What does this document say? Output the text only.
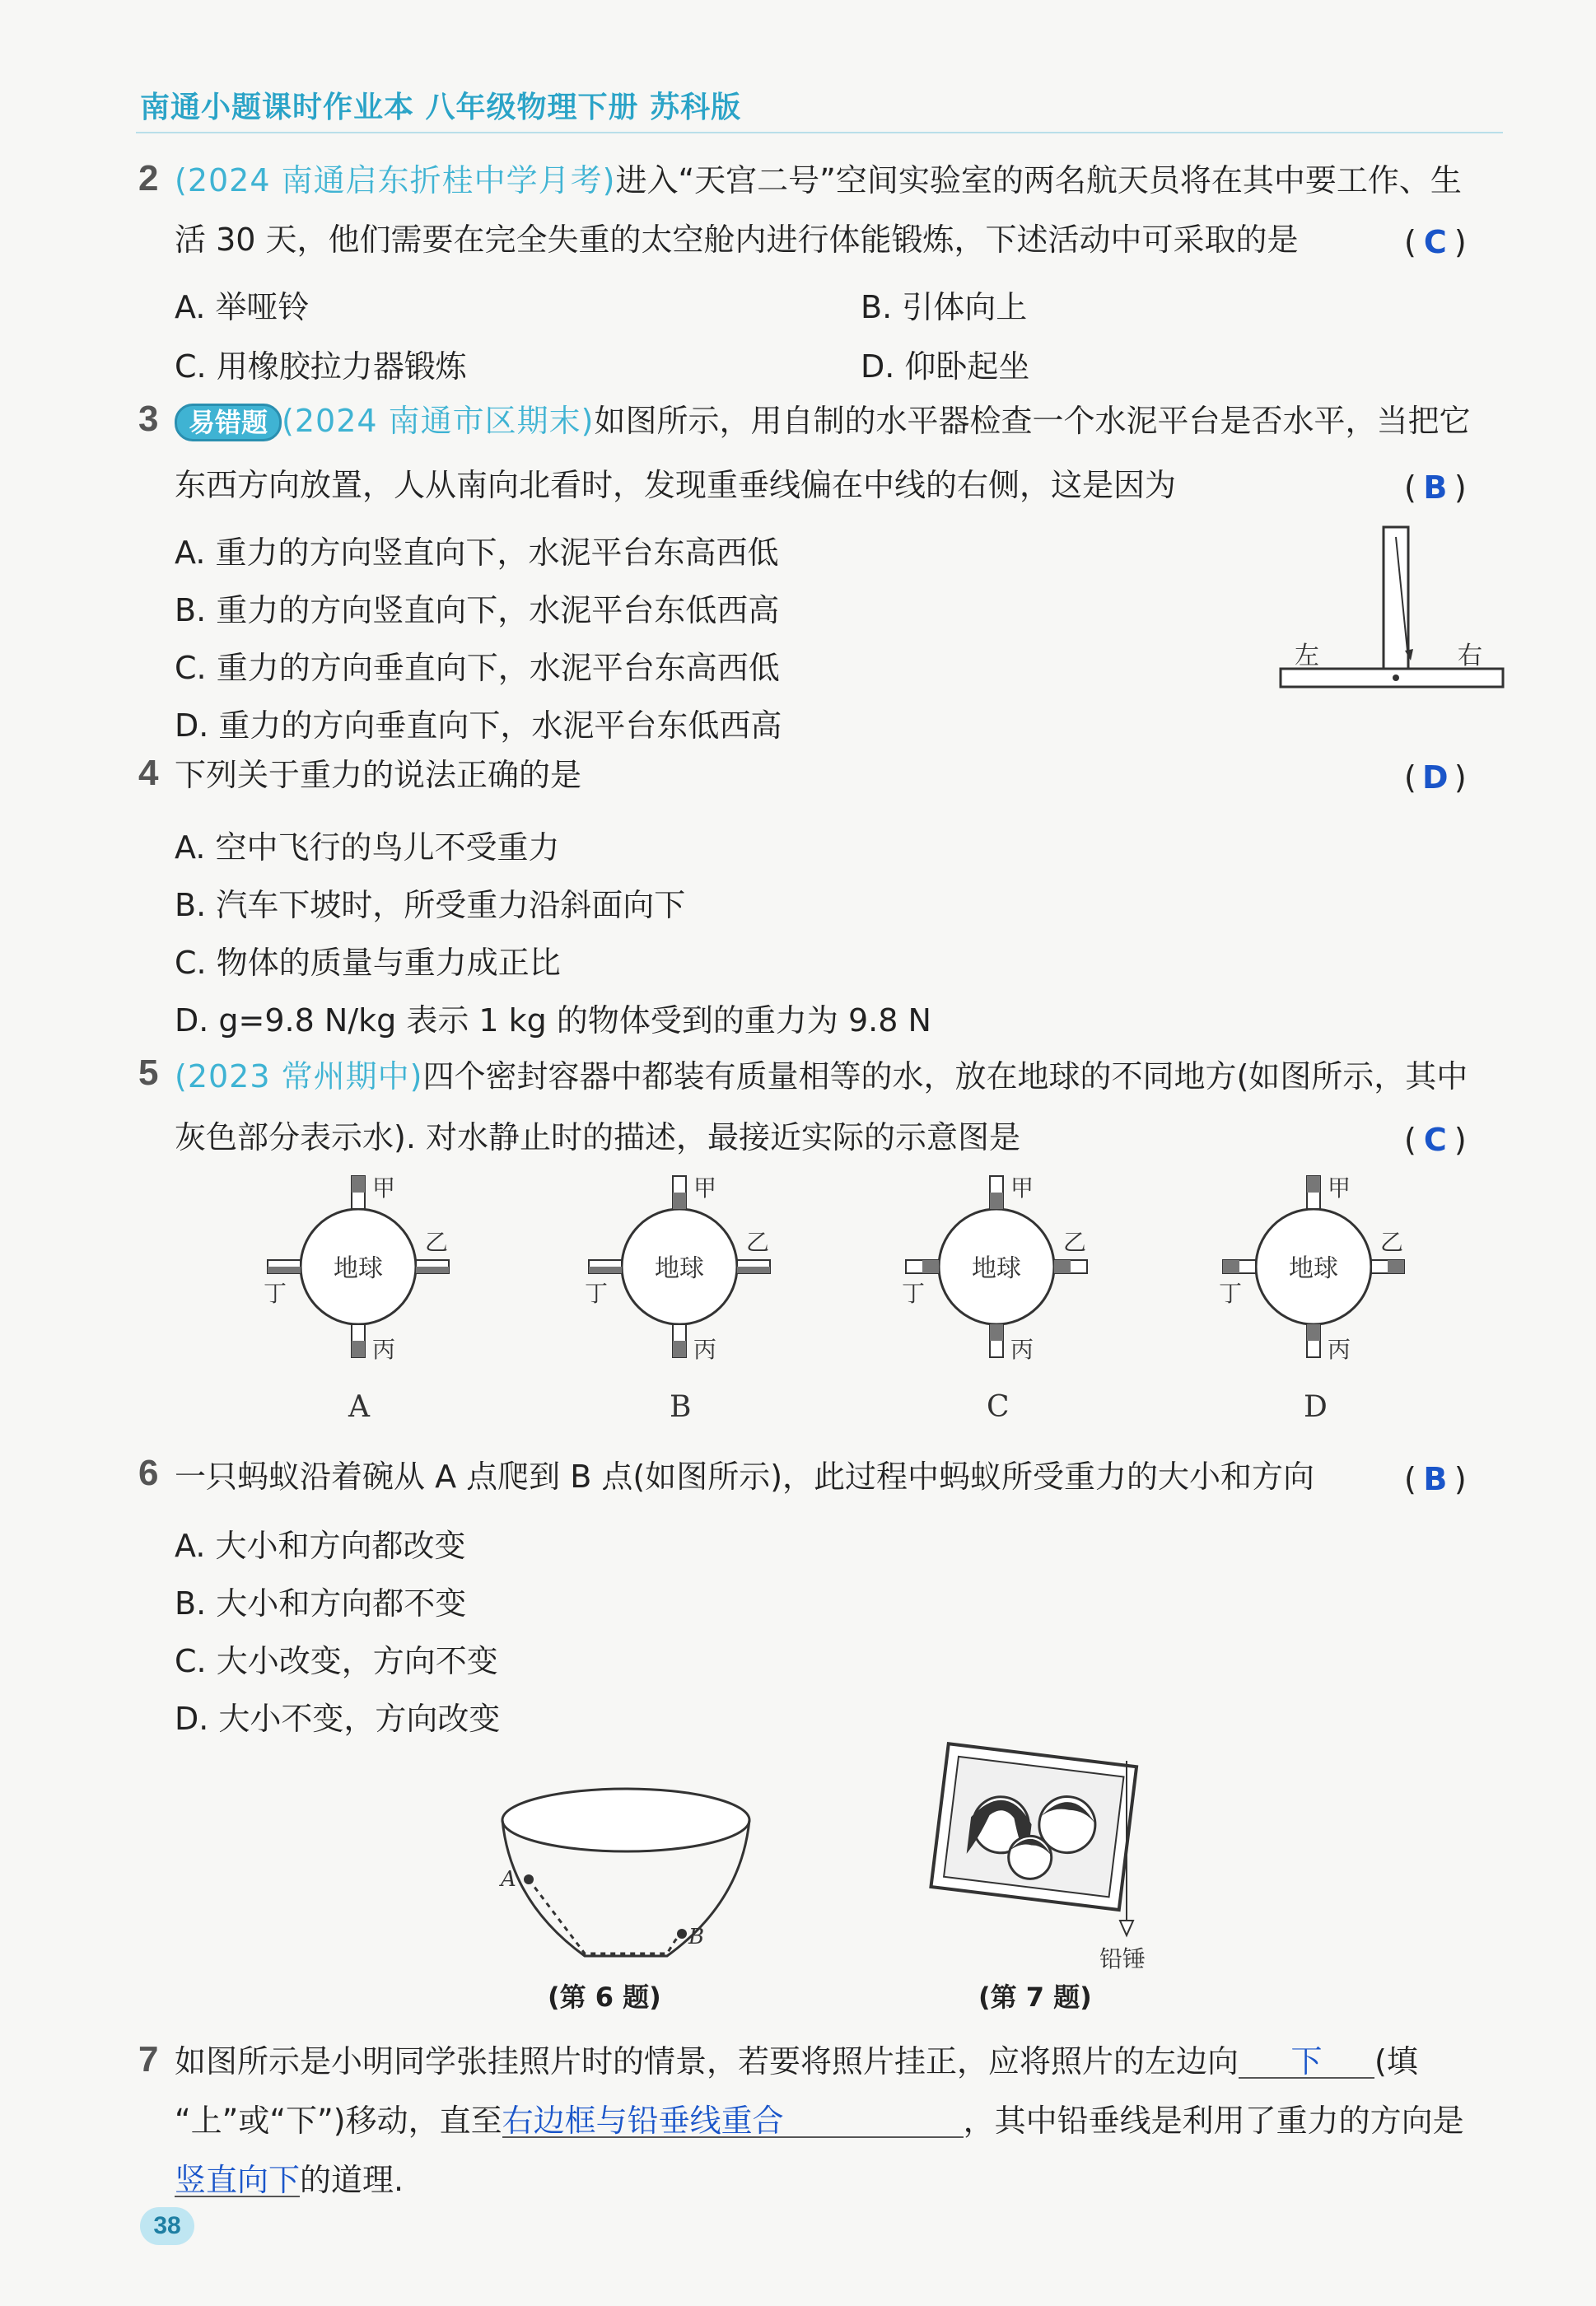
南通小题课时作业本 八年级物理下册 苏科版
2 (2024 南通启东折桂中学月考)进入“天宫二号”空间实验室的两名航天员将在其中要工作、生
活 30 天，他们需要在完全失重的太空舱内进行体能锻炼，下述活动中可采取的是	( C )
A. 举哑铃	B. 引体向上
C. 用橡胶拉力器锻炼	D. 仰卧起坐
3	易错题 (2024 南通市区期末)如图所示，用自制的水平器检查一个水泥平台是否水平，当把它
东西方向放置，人从南向北看时，发现重垂线偏在中线的右侧，这是因为	( B )
A. 重力的方向竖直向下，水泥平台东高西低
B. 重力的方向竖直向下，水泥平台东低西高
C. 重力的方向垂直向下，水泥平台东高西低
D. 重力的方向垂直向下，水泥平台东低西高
左	右
4 下列关于重力的说法正确的是	( D )
A. 空中飞行的鸟儿不受重力
B. 汽车下坡时，所受重力沿斜面向下
C. 物体的质量与重力成正比
D. g=9.8 N/kg 表示 1 kg 的物体受到的重力为 9.8 N
5 (2023 常州期中)四个密封容器中都装有质量相等的水，放在地球的不同地方(如图所示，其中
灰色部分表示水). 对水静止时的描述，最接近实际的示意图是	( C )
地球
甲
乙
丙
丁
A
地球
甲
乙
丙
丁
B
地球
甲
乙
丙
丁
C
地球
甲
乙
丙
丁
D
6 一只蚂蚁沿着碗从 A 点爬到 B 点(如图所示)，此过程中蚂蚁所受重力的大小和方向	( B )
A. 大小和方向都改变
B. 大小和方向都不变
C. 大小改变，方向不变
D. 大小不变，方向改变
A
B
(第 6 题)
铅锤
(第 7 题)
7 如图所示是小明同学张挂照片时的情景，若要将照片挂正，应将照片的左边向 下 (填
“上”或“下”)移动，直至右边框与铅垂线重合	，其中铅垂线是利用了重力的方向是
竖直向下的道理.
38
